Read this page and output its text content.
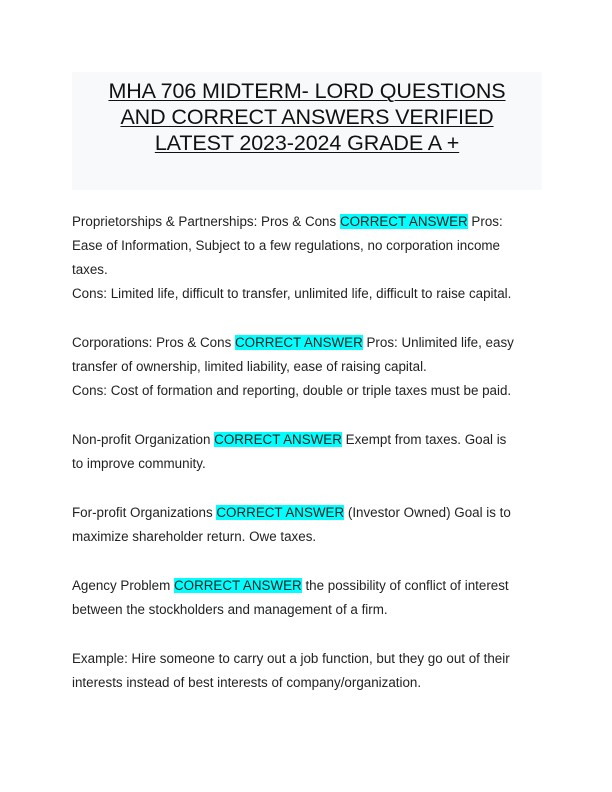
MHA 706 MIDTERM- LORD QUESTIONS
AND CORRECT ANSWERS VERIFIED
LATEST 2023-2024 GRADE A +
Proprietorships & Partnerships: Pros & Cons CORRECT ANSWER Pros:
Ease of Information, Subject to a few regulations, no corporation income
taxes.
Cons: Limited life, difficult to transfer, unlimited life, difficult to raise capital.
Corporations: Pros & Cons CORRECT ANSWER Pros: Unlimited life, easy
transfer of ownership, limited liability, ease of raising capital.
Cons: Cost of formation and reporting, double or triple taxes must be paid.
Non-profit Organization CORRECT ANSWER Exempt from taxes. Goal is
to improve community.
For-profit Organizations CORRECT ANSWER (Investor Owned) Goal is to
maximize shareholder return. Owe taxes.
Agency Problem CORRECT ANSWER the possibility of conflict of interest
between the stockholders and management of a firm.
Example: Hire someone to carry out a job function, but they go out of their
interests instead of best interests of company/organization.
